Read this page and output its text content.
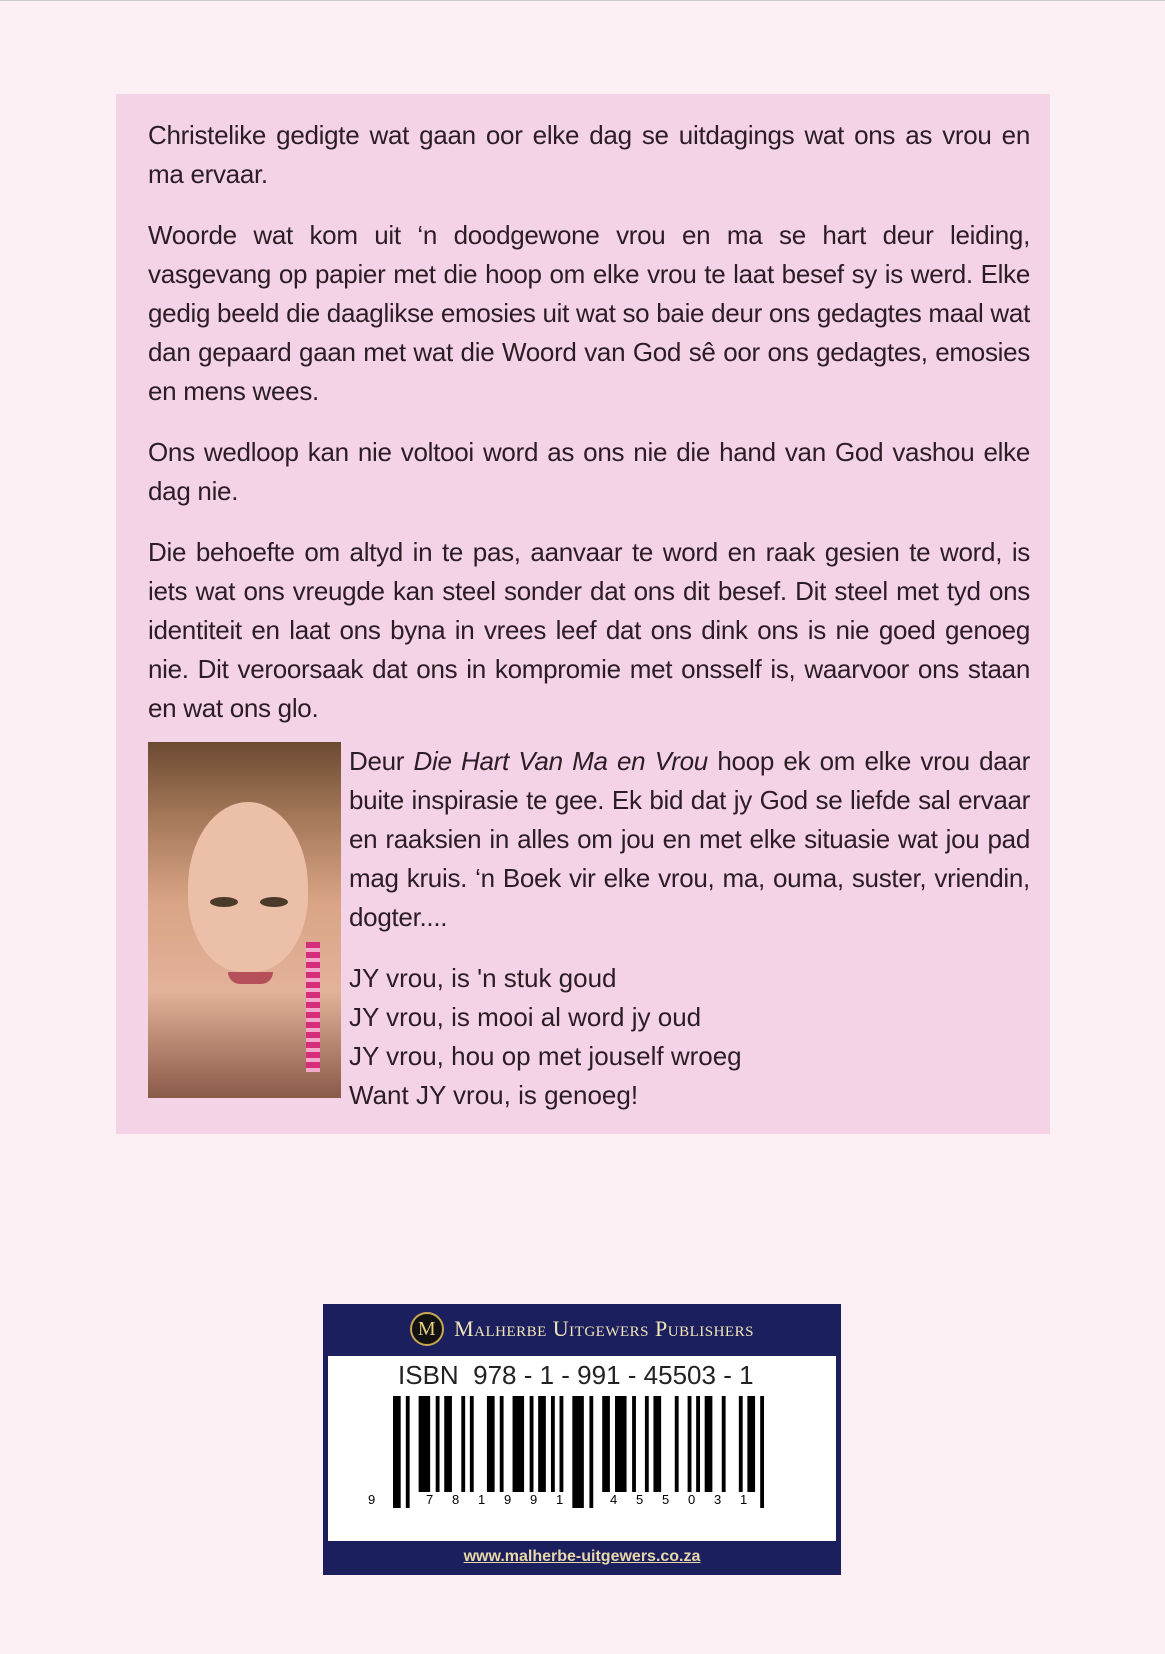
Christelike gedigte wat gaan oor elke dag se uitdagings wat ons as vrou en ma ervaar.

Woorde wat kom uit ‘n doodgewone vrou en ma se hart deur leiding, vasgevang op papier met die hoop om elke vrou te laat besef sy is werd. Elke gedig beeld die daaglikse emosies uit wat so baie deur ons gedagtes maal wat dan gepaard gaan met wat die Woord van God sê oor ons gedagtes, emosies en mens wees.

Ons wedloop kan nie voltooi word as ons nie die hand van God vashou elke dag nie.

Die behoefte om altyd in te pas, aanvaar te word en raak gesien te word, is iets wat ons vreugde kan steel sonder dat ons dit besef. Dit steel met tyd ons identiteit en laat ons byna in vrees leef dat ons dink ons is nie goed genoeg nie. Dit veroorsaak dat ons in kompromie met onsself is, waarvoor ons staan en wat ons glo.

Deur Die Hart Van Ma en Vrou hoop ek om elke vrou daar buite inspirasie te gee. Ek bid dat jy God se liefde sal ervaar en raaksien in alles om jou en met elke situasie wat jou pad mag kruis. ‘n Boek vir elke vrou, ma, ouma, suster, vriendin, dogter....

JY vrou, is 'n stuk goud
JY vrou, is mooi al word jy oud
JY vrou, hou op met jouself wroeg
Want JY vrou, is genoeg!
M Malherbe Uitgewers Publishers
ISBN  978 - 1 - 991 - 45503 - 1
9	7 8 1 9 9 1	4 5 5 0 3 1
www.malherbe-uitgewers.co.za
